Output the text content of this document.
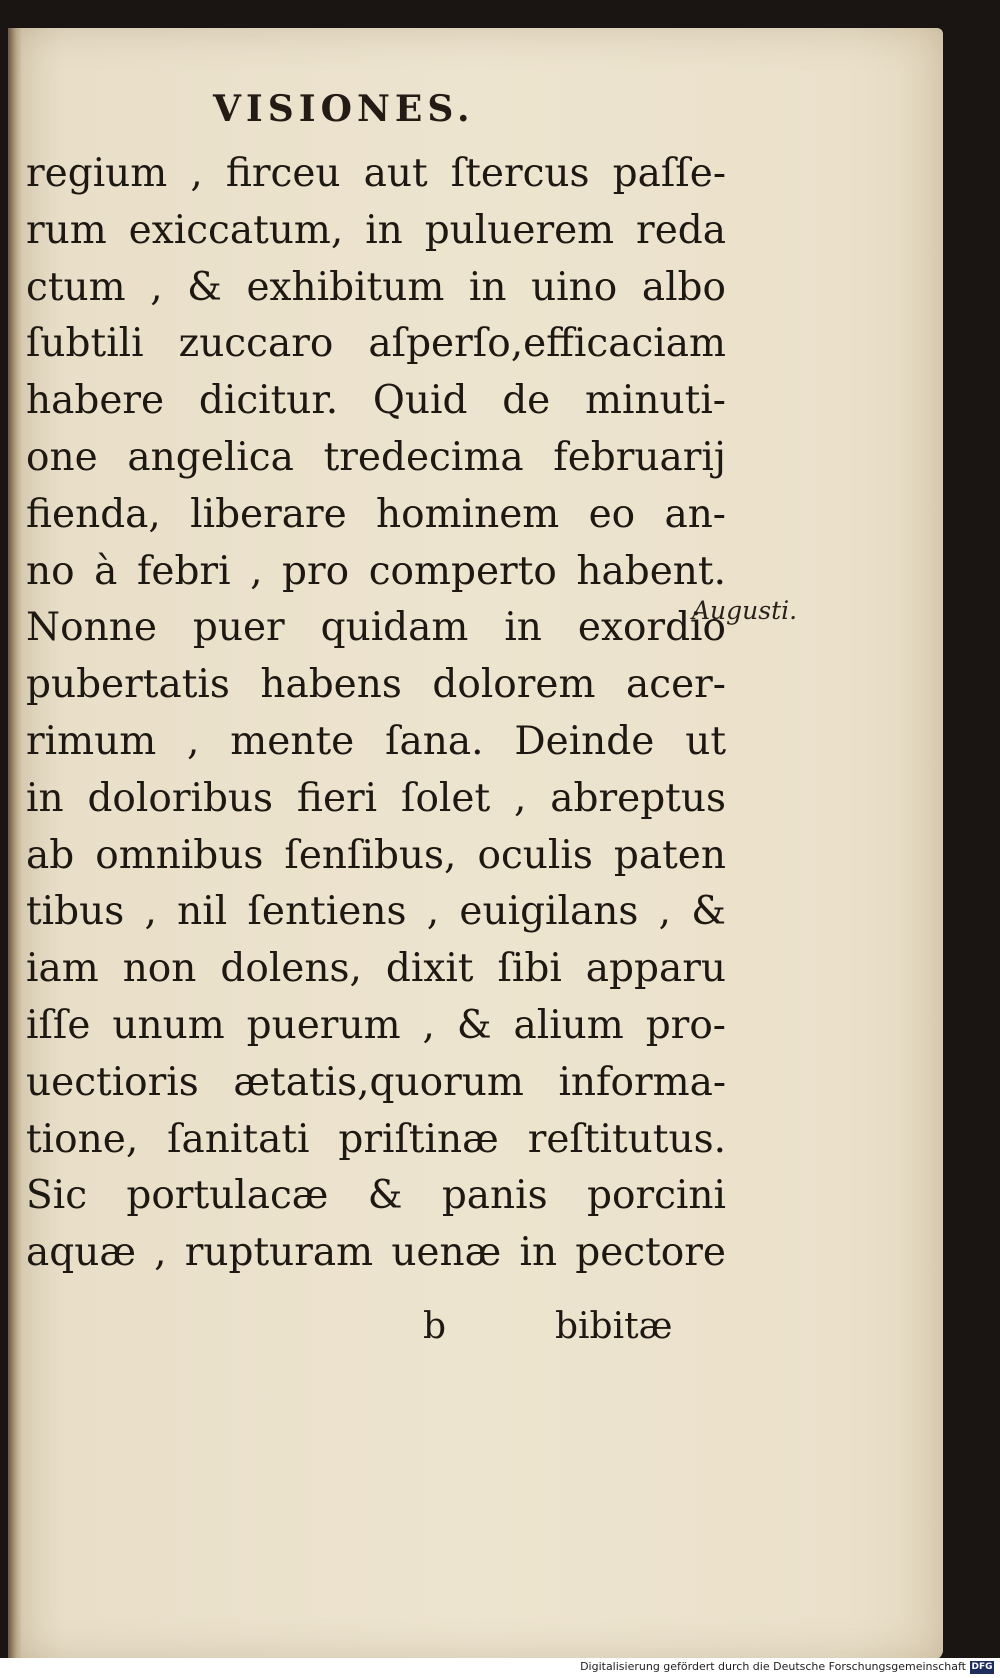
VISIONES.
regium , firceu aut ſtercus paſſe-
rum exiccatum, in puluerem reda
ctum , & exhibitum in uino albo
ſubtili zuccaro aſperſo,efficaciam
habere dicitur. Quid de minuti-
one angelica tredecima februarij
fienda, liberare hominem eo an-
no à febri , pro comperto habent.
Nonne puer quidam in exordio
pubertatis habens dolorem acer-
rimum , mente ſana. Deinde ut
in doloribus fieri ſolet , abreptus
ab omnibus ſenſibus, oculis paten
tibus , nil ſentiens , euigilans , &
iam non dolens, dixit ſibi apparu
iſſe unum puerum , & alium pro-
uectioris ætatis,quorum informa-
tione, ſanitati priſtinæ reſtitutus.
Sic portulacæ & panis porcini
aquæ , rupturam uenæ in pectore
Augusti.
b	bibitæ
Digitalisierung gefördert durch die Deutsche Forschungsgemeinschaft DFG
